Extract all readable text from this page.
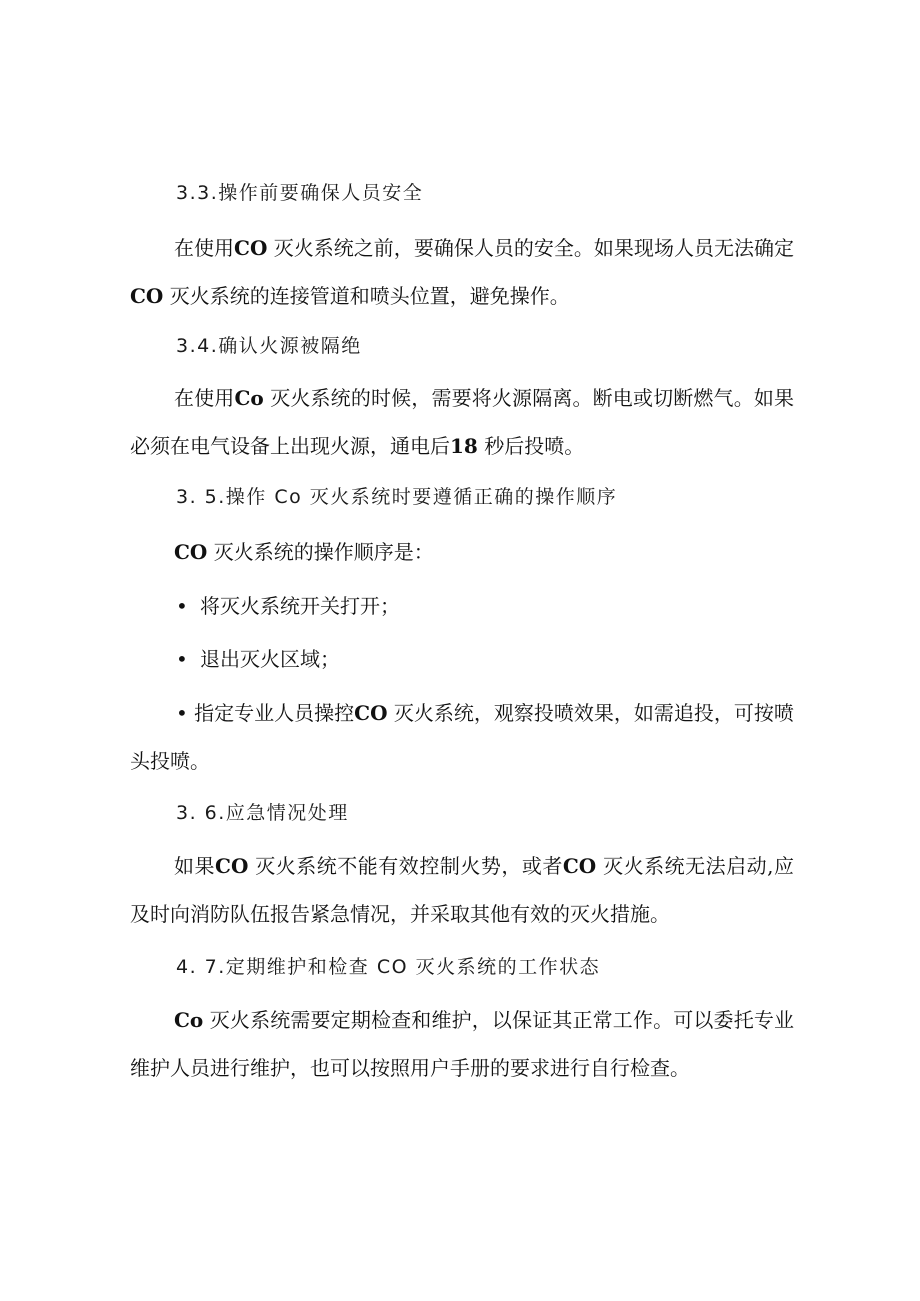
3.3.操作前要确保人员安全
在使用CO 灭火系统之前，要确保人员的安全。如果现场人员无法确定CO 灭火系统的连接管道和喷头位置，避免操作。
3.4.确认火源被隔绝
在使用Co 灭火系统的时候，需要将火源隔离。断电或切断燃气。如果必须在电气设备上出现火源，通电后18 秒后投喷。
3. 5.操作 Co 灭火系统时要遵循正确的操作顺序
CO 灭火系统的操作顺序是：
• 将灭火系统开关打开；
• 退出灭火区域；
• 指定专业人员操控CO 灭火系统，观察投喷效果，如需追投，可按喷头投喷。
3. 6.应急情况处理
如果CO 灭火系统不能有效控制火势，或者CO 灭火系统无法启动,应及时向消防队伍报告紧急情况，并采取其他有效的灭火措施。
4. 7.定期维护和检查 CO 灭火系统的工作状态
Co 灭火系统需要定期检查和维护，以保证其正常工作。可以委托专业维护人员进行维护，也可以按照用户手册的要求进行自行检查。
